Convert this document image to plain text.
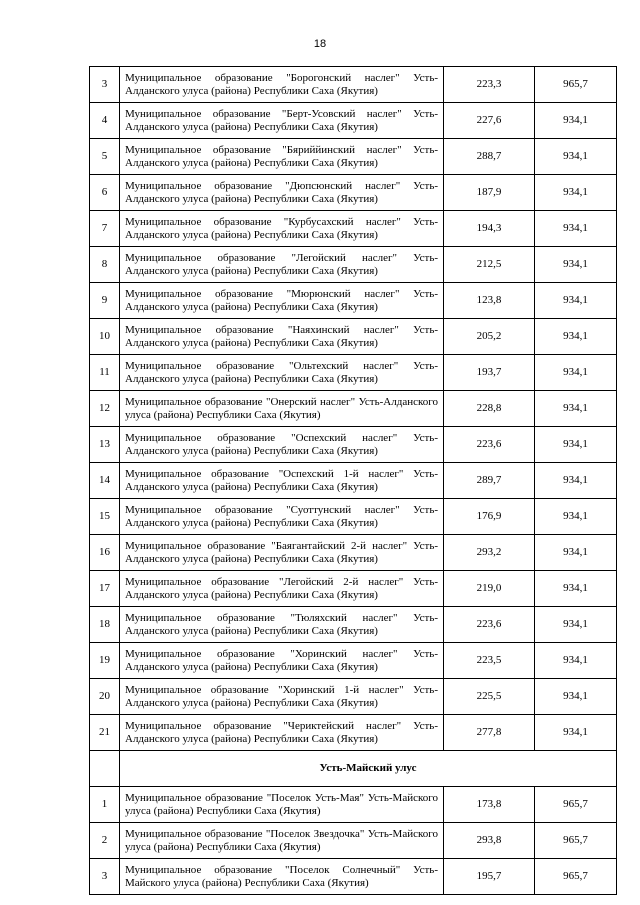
18
3	Муниципальное образование "Борогонский наслег" Усть-Алданского улуса (района) Республики Саха (Якутия)	223,3	965,7
4	Муниципальное образование "Берт-Усовский наслег" Усть-Алданского улуса (района) Республики Саха (Якутия)	227,6	934,1
5	Муниципальное образование "Бяриййинский наслег" Усть-Алданского улуса (района) Республики Саха (Якутия)	288,7	934,1
6	Муниципальное образование "Дюпсюнский наслег" Усть-Алданского улуса (района) Республики Саха (Якутия)	187,9	934,1
7	Муниципальное образование "Курбусахский наслег" Усть-Алданского улуса (района) Республики Саха (Якутия)	194,3	934,1
8	Муниципальное образование "Легойский наслег" Усть-Алданского улуса (района) Республики Саха (Якутия)	212,5	934,1
9	Муниципальное образование "Мюрюнский наслег" Усть-Алданского улуса (района) Республики Саха (Якутия)	123,8	934,1
10	Муниципальное образование "Наяхинский наслег" Усть-Алданского улуса (района) Республики Саха (Якутия)	205,2	934,1
11	Муниципальное образование "Ольтехский наслег" Усть-Алданского улуса (района) Республики Саха (Якутия)	193,7	934,1
12	Муниципальное образование "Онерский наслег" Усть-Алданского улуса (района) Республики Саха (Якутия)	228,8	934,1
13	Муниципальное образование "Оспехский наслег" Усть-Алданского улуса (района) Республики Саха (Якутия)	223,6	934,1
14	Муниципальное образование "Оспехский 1-й наслег" Усть-Алданского улуса (района) Республики Саха (Якутия)	289,7	934,1
15	Муниципальное образование "Суоттунский наслег" Усть-Алданского улуса (района) Республики Саха (Якутия)	176,9	934,1
16	Муниципальное образование "Баягантайский 2-й наслег" Усть-Алданского улуса (района) Республики Саха (Якутия)	293,2	934,1
17	Муниципальное образование "Легойский 2-й наслег" Усть-Алданского улуса (района) Республики Саха (Якутия)	219,0	934,1
18	Муниципальное образование "Тюляхский наслег" Усть-Алданского улуса (района) Республики Саха (Якутия)	223,6	934,1
19	Муниципальное образование "Хоринский наслег" Усть-Алданского улуса (района) Республики Саха (Якутия)	223,5	934,1
20	Муниципальное образование "Хоринский 1-й наслег" Усть-Алданского улуса (района) Республики Саха (Якутия)	225,5	934,1
21	Муниципальное образование "Чериктейский наслег" Усть-Алданского улуса (района) Республики Саха (Якутия)	277,8	934,1
	Усть-Майский улус		
1	Муниципальное образование "Поселок Усть-Мая" Усть-Майского улуса (района) Республики Саха (Якутия)	173,8	965,7
2	Муниципальное образование "Поселок Звездочка" Усть-Майского улуса (района) Республики Саха (Якутия)	293,8	965,7
3	Муниципальное образование "Поселок Солнечный" Усть-Майского улуса (района) Республики Саха (Якутия)	195,7	965,7
